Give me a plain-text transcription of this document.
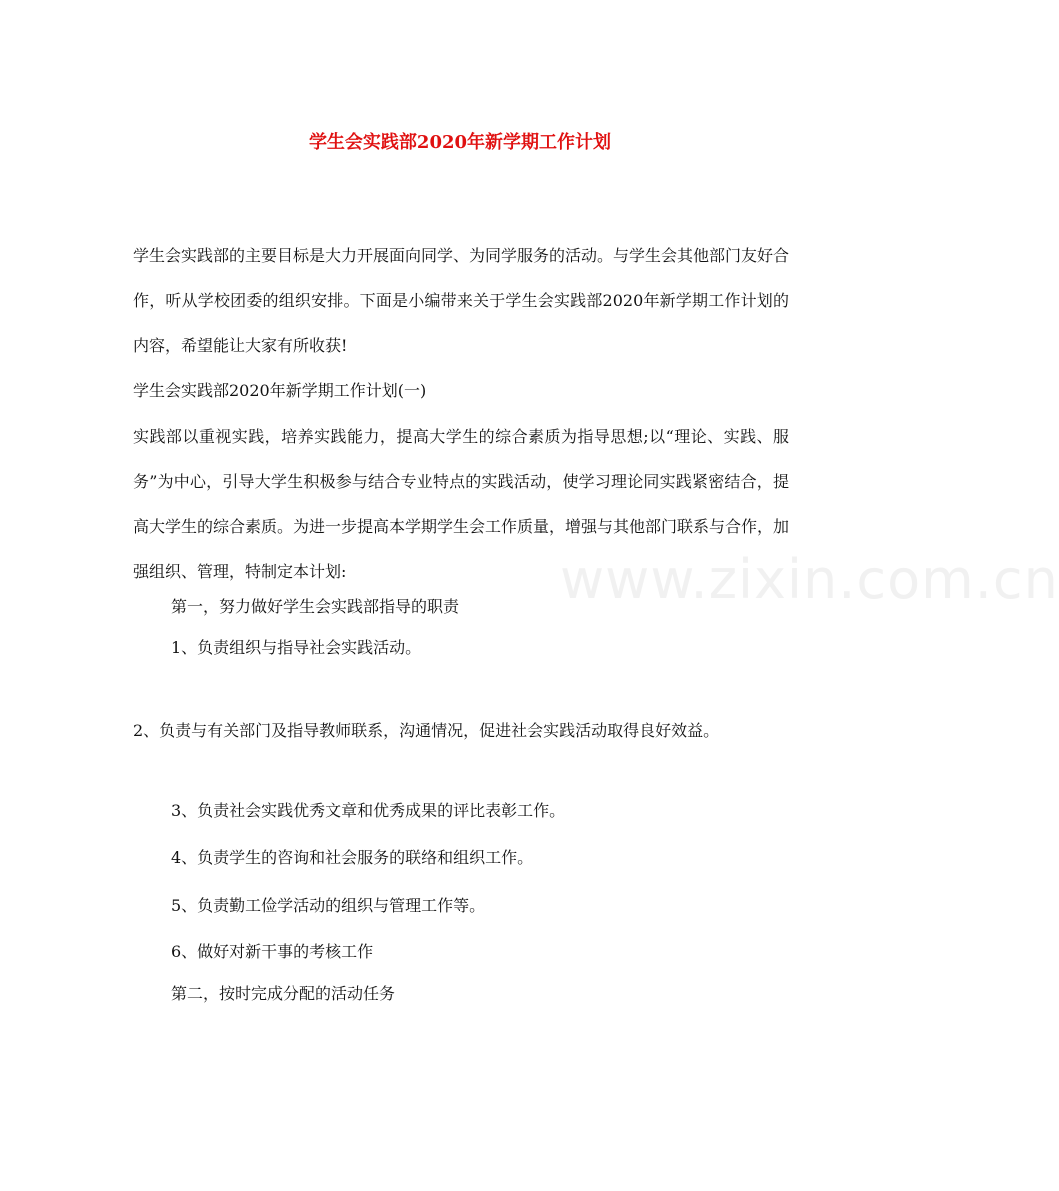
www.zixin.com.cn
学生会实践部2020年新学期工作计划
学生会实践部的主要目标是大力开展面向同学、为同学服务的活动。与学生会其他部门友好合作，听从学校团委的组织安排。下面是小编带来关于学生会实践部2020年新学期工作计划的内容，希望能让大家有所收获!
学生会实践部2020年新学期工作计划(一)
实践部以重视实践，培养实践能力，提高大学生的综合素质为指导思想;以“理论、实践、服务”为中心，引导大学生积极参与结合专业特点的实践活动，使学习理论同实践紧密结合，提高大学生的综合素质。为进一步提高本学期学生会工作质量，增强与其他部门联系与合作，加强组织、管理，特制定本计划:
第一，努力做好学生会实践部指导的职责
1、负责组织与指导社会实践活动。
2、负责与有关部门及指导教师联系，沟通情况，促进社会实践活动取得良好效益。
3、负责社会实践优秀文章和优秀成果的评比表彰工作。
4、负责学生的咨询和社会服务的联络和组织工作。
5、负责勤工俭学活动的组织与管理工作等。
6、做好对新干事的考核工作
第二，按时完成分配的活动任务
